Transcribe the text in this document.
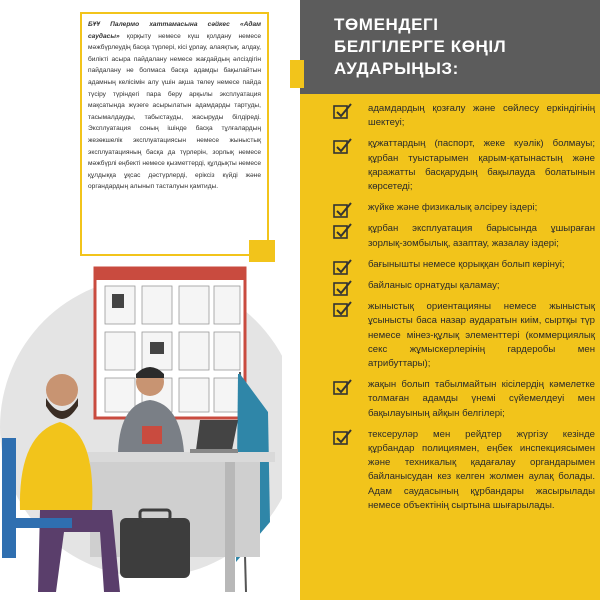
БҰҰ Палермо хаттамасына сәйкес «Адам саудасы» қорқыту немесе күш қолдану немесе мәжбүрлеудің басқа түрлері, кісі ұрлау, алаяқтық, алдау, билікті асыра пайдалану немесе жағдайдың әлсіздігін пайдалану не болмаса басқа адамды бақылайтын адамның келісімін алу үшін ақша төлеу немесе пайда түсіру түріндегі пара беру арқылы эксплуатация мақсатында жүзеге асырылатын адамдарды тартуды, тасымалдауды, табыстауды, жасыруды білдіреді. Эксплуатация соның ішінде басқа тұлғалардың жезөкшелік эксплуатациясын немесе жыныстық эксплуатацияның басқа да түрлерін, зорлық немесе мәжбүрлі еңбекті немесе қызметтерді, құлдықты немесе құлдыққа ұқсас дәстүрлерді, еріксіз күйді және органдардың алынып тасталуын қамтиды.
ТӨМЕНДЕГІ
БЕЛГІЛЕРГЕ КӨҢІЛ
АУДАРЫҢЫЗ:
адамдардың қозғалу және сөйлесу еркіндігінің шектеуі;
құжаттардың (паспорт, жеке куәлік) болмауы; құрбан туыстарымен қарым-қатынастың және қаражатты басқарудың бақылауда болатынын көрсетеді;
жүйке және физикалық әлсіреу іздері;
құрбан эксплуатация барысында ұшыраған зорлық-зомбылық, азаптау, жазалау іздері;
бағынышты немесе қорыққан болып көрінуі;
байланыс орнатуды қаламау;
жыныстық ориентацияны немесе жыныстық ұсынысты баса назар аударатын киім, сыртқы түр немесе мінез-құлық элементтері (коммерциялық секс жұмыскерлерінің гардеробы мен атрибуттары);
жақын болып табылмайтын кісілердің кәмелетке толмаған адамды үнемі сүйемелдеуі мен бақылауының айқын белгілері;
тексеруләр мен рейдтер жүргізу кезінде құрбандар полициямен, еңбек инспекциясымен және техникалық қадағалау органдарымен байланысудан кез келген жолмен аулақ болады. Адам саудасының құрбандары жасырылады немесе объектінің сыртына шығарылады.
